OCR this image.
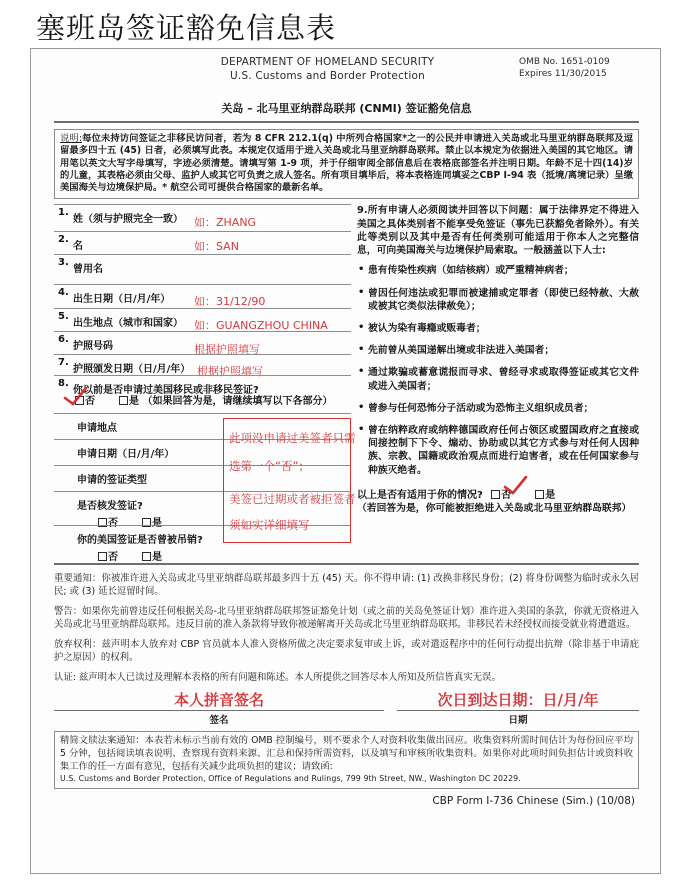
塞班岛签证豁免信息表
DEPARTMENT OF HOMELAND SECURITY
U.S. Customs and Border Protection
OMB No. 1651-0109
Expires 11/30/2015
关岛 – 北马里亚纳群岛联邦 (CNMI) 签证豁免信息
说明:每位未持访问签证之非移民访问者，若为 8 CFR 212.1(q) 中所列合格国家*之一的公民并申请进入关岛或北马里亚纳群岛联邦及逗留最多四十五 (45) 日者，必须填写此表。本规定仅适用于进入关岛或北马里亚纳群岛联邦。禁止以本规定为依据进入美国的其它地区。请用笔以英文大写字母填写，字迹必须清楚。请填写第 1-9 项，并于仔细审阅全部信息后在表格底部签名并注明日期。年龄不足十四(14)岁的儿童，其表格必须由父母、监护人或其它可负责之成人签名。所有项目填毕后，将本表格连同填妥之CBP I-94 表（抵境/离境记录）呈缴美国海关与边境保护局。* 航空公司可提供合格国家的最新名单。
1.姓（须与护照完全一致） 如：ZHANG
2.名	如：SAN
3.曾用名
4.出生日期（日/月/年） 如：31/12/90
5.出生地点（城市和国家） 如：GUANGZHOU CHINA
6.护照号码	根据护照填写
7.护照颁发日期（日/月/年） 根据护照填写
8.你以前是否申请过美国移民或非移民签证?
否	是 （如果回答为是，请继续填写以下各部分）
申请地点
申请日期（日/月/年）
申请的签证类型
是否核发签证?
否	是
你的美国签证是否曾被吊销?
否	是
此项没申请过美签者只需
选第一个“否”；
美签已过期或者被拒签者
须如实详细填写
9.所有申请人必须阅读并回答以下问题：属于法律界定不得进入美国之具体类别者不能享受免签证（事先已获豁免者除外）。有关此等类别以及其中是否有任何类别可能适用于你本人之完整信息，可向美国海关与边境保护局索取。一般涵盖以下人士:
• 患有传染性疾病（如结核病）或严重精神病者；
• 曾因任何违法或犯罪而被逮捕或定罪者（即使已经特赦、大赦或被其它类似法律赦免）；
• 被认为染有毒瘾或贩毒者；
• 先前曾从美国递解出境或非法进入美国者；
• 通过欺骗或蓄意谎报而寻求、曾经寻求或取得签证或其它文件或进入美国者；
• 曾参与任何恐怖分子活动或为恐怖主义组织成员者；
• 曾在纳粹政府或纳粹德国政府任何占领区或盟国政府之直接或间接控制下下令、煽动、协助或以其它方式参与对任何人因种族、宗教、国籍或政治观点而进行迫害者，或在任何国家参与种族灭绝者。
以上是否有适用于你的情况? 否	是
（若回答为是，你可能被拒绝进入关岛或北马里亚纳群岛联邦）
重要通知：你被准许进入关岛或北马里亚纳群岛联邦最多四十五 (45) 天。你不得申请: (1) 改换非移民身份；(2) 将身份调整为临时或永久居民; 或 (3) 延长逗留时间。
警告：如果你先前曾违反任何根据关岛-北马里亚纳群岛联邦签证豁免计划（或之前的关岛免签证计划）准许进入美国的条款，你就无资格进入关岛或北马里亚纳群岛联邦。违反目前的准入条款将导致你被递解离开关岛或北马里亚纳群岛联邦。非移民若未经授权而接受就业将遭遣返。
放弃权利：兹声明本人放弃对 CBP 官员就本人准入资格所做之决定要求复审或上诉，或对遣返程序中的任何行动提出抗辩（除非基于申请庇护之原因）的权利。
认证: 兹声明本人已读过及理解本表格的所有问题和陈述。本人所提供之回答尽本人所知及所信皆真实无误。
本人拼音签名
签名
次日到达日期：日/月/年
日期
精简文牍法案通知：本表若未标示当前有效的 OMB 控制编号，则不要求个人对资料收集做出回应。收集资料所需时间估计为每份回应平均 5 分钟，包括阅读填表说明、查察现有资料来源、汇总和保持所需资料，以及填写和审核所收集资料。如果你对此项时间负担估计或资料收集工作的任一方面有意见，包括有关减少此项负担的建议；请致函:
U.S. Customs and Border Protection, Office of Regulations and Rulings, 799 9th Street, NW., Washington DC 20229.
CBP Form I-736 Chinese (Sim.) (10/08)
